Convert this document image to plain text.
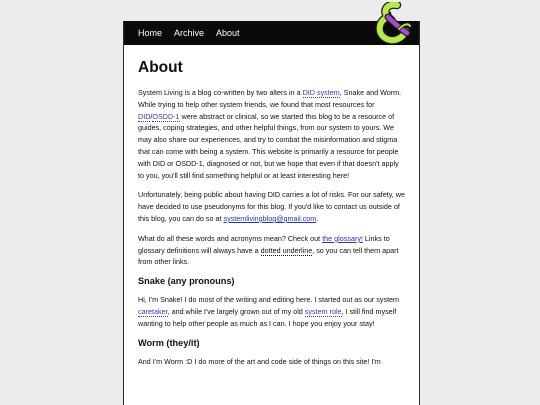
Home Archive About
About

System Living is a blog co-written by two alters in a DID system, Snake and Worm. While trying to help other system friends, we found that most resources for DID/OSDD-1 were abstract or clinical, so we started this blog to be a resource of guides, coping strategies, and other helpful things, from our system to yours. We may also share our experiences, and try to combat the misinformation and stigma that can come with being a system. This website is primarily a resource for people with DID or OSDD-1, diagnosed or not, but we hope that even if that doesn't apply to you, you'll still find something helpful or at least interesting here!

Unfortunately, being public about having DID carries a lot of risks. For our safety, we have decided to use pseudonyms for this blog. If you'd like to contact us outside of this blog, you can do so at systemlivingblog@gmail.com.

What do all these words and acronyms mean? Check out the glossary! Links to glossary definitions will always have a dotted underline, so you can tell them apart from other links.

Snake (any pronouns)

Hi, I'm Snake! I do most of the writing and editing here. I started out as our system caretaker, and while I've largely grown out of my old system role, I still find myself wanting to help other people as much as I can. I hope you enjoy your stay!

Worm (they/it)

And I'm Worm :D I do more of the art and code side of things on this site! I'm
